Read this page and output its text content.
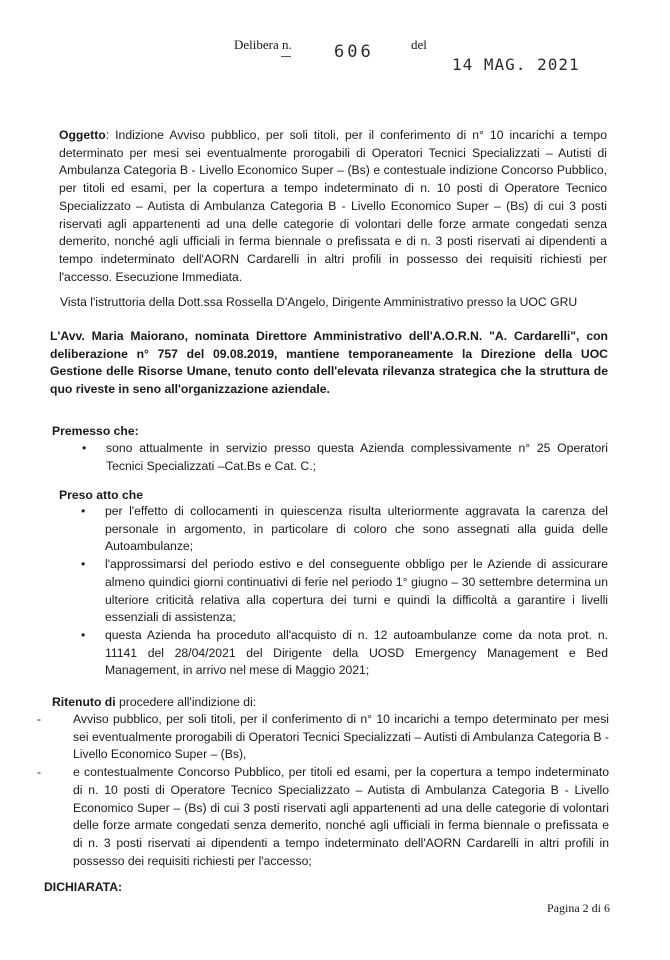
Delibera n. 606	del
14 MAG. 2021
Oggetto: Indizione Avviso pubblico, per soli titoli, per il conferimento di n° 10 incarichi a tempo determinato per mesi sei eventualmente prorogabili di Operatori Tecnici Specializzati – Autisti di Ambulanza Categoria B - Livello Economico Super – (Bs) e contestuale indizione Concorso Pubblico, per titoli ed esami, per la copertura a tempo indeterminato di n. 10 posti di Operatore Tecnico Specializzato – Autista di Ambulanza Categoria B - Livello Economico Super – (Bs) di cui 3 posti riservati agli appartenenti ad una delle categorie di volontari delle forze armate congedati senza demerito, nonché agli ufficiali in ferma biennale o prefissata e di n. 3 posti riservati ai dipendenti a tempo indeterminato dell'AORN Cardarelli in altri profili in possesso dei requisiti richiesti per l'accesso. Esecuzione Immediata.
Vista l'istruttoria della Dott.ssa Rossella D'Angelo, Dirigente Amministrativo presso la UOC GRU
L'Avv. Maria Maiorano, nominata Direttore Amministrativo dell'A.O.R.N. "A. Cardarelli", con deliberazione n° 757 del 09.08.2019, mantiene temporaneamente la Direzione della UOC Gestione delle Risorse Umane, tenuto conto dell'elevata rilevanza strategica che la struttura de quo riveste in seno all'organizzazione aziendale.
Premesso che:
• sono attualmente in servizio presso questa Azienda complessivamente n° 25 Operatori Tecnici Specializzati –Cat.Bs e Cat. C.;
Preso atto che
• per l'effetto di collocamenti in quiescenza risulta ulteriormente aggravata la carenza del personale in argomento, in particolare di coloro che sono assegnati alla guida delle Autoambulanze;
• l'approssimarsi del periodo estivo e del conseguente obbligo per le Aziende di assicurare almeno quindici giorni continuativi di ferie nel periodo 1° giugno – 30 settembre determina un ulteriore criticità relativa alla copertura dei turni e quindi la difficoltà a garantire i livelli essenziali di assistenza;
• questa Azienda ha proceduto all'acquisto di n. 12 autoambulanze come da nota prot. n. 11141 del 28/04/2021 del Dirigente della UOSD Emergency Management e Bed Management, in arrivo nel mese di Maggio 2021;
Ritenuto di procedere all'indizione di:
-	Avviso pubblico, per soli titoli, per il conferimento di n° 10 incarichi a tempo determinato per mesi sei eventualmente prorogabili di Operatori Tecnici Specializzati – Autisti di Ambulanza Categoria B - Livello Economico Super – (Bs),
-	e contestualmente Concorso Pubblico, per titoli ed esami, per la copertura a tempo indeterminato di n. 10 posti di Operatore Tecnico Specializzato – Autista di Ambulanza Categoria B - Livello Economico Super – (Bs) di cui 3 posti riservati agli appartenenti ad una delle categorie di volontari delle forze armate congedati senza demerito, nonché agli ufficiali in ferma biennale o prefissata e di n. 3 posti riservati ai dipendenti a tempo indeterminato dell'AORN Cardarelli in altri profili in possesso dei requisiti richiesti per l'accesso;
DICHIARATA:
Pagina 2 di 6
